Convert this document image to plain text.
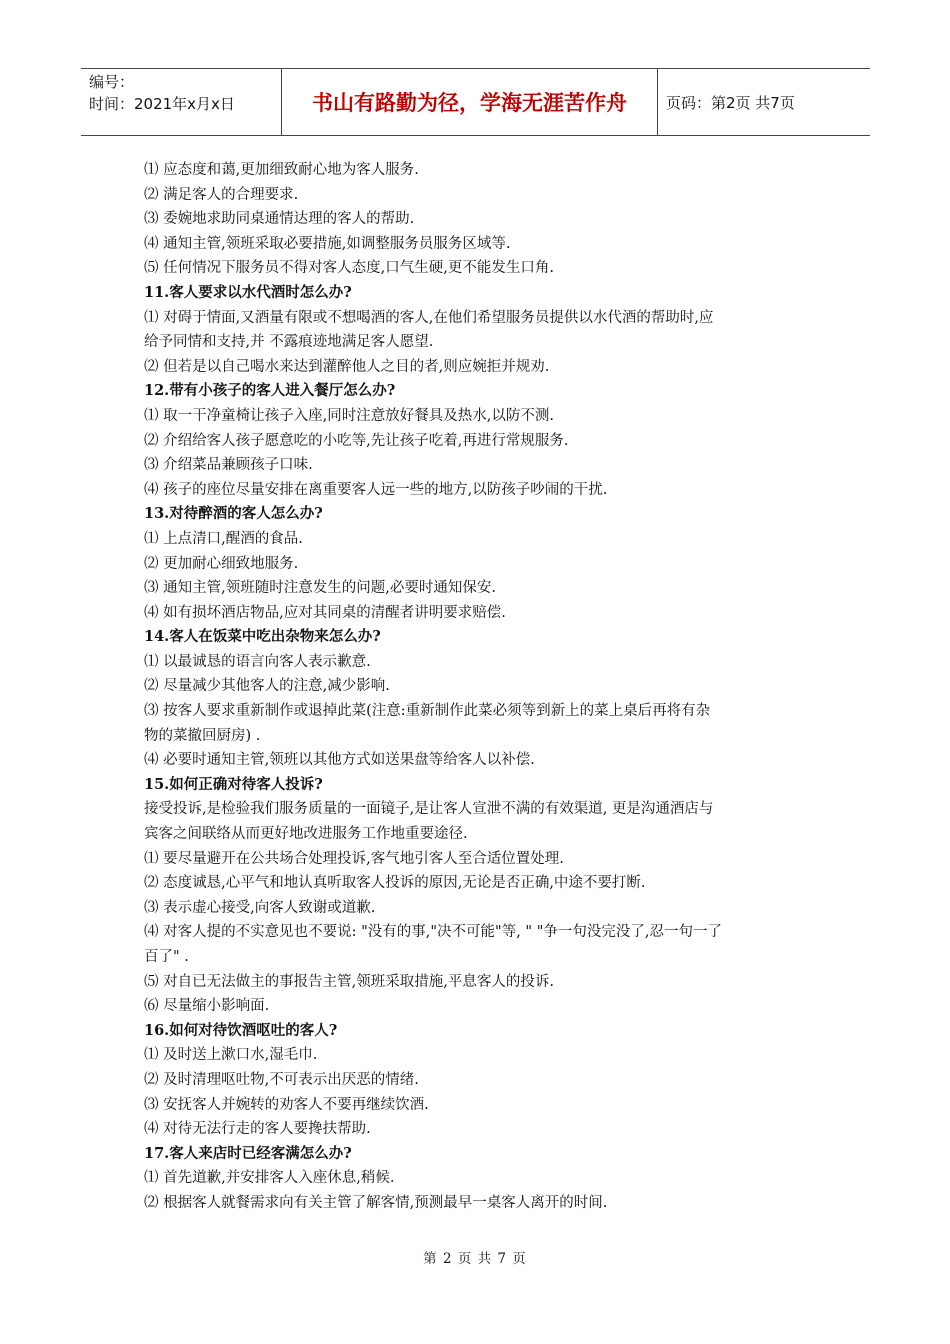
编号：
时间：2021年x月x日	书山有路勤为径，学海无涯苦作舟	页码：第2页 共7页
⑴ 应态度和蔼,更加细致耐心地为客人服务.
⑵ 满足客人的合理要求.
⑶ 委婉地求助同桌通情达理的客人的帮助.
⑷ 通知主管,领班采取必要措施,如调整服务员服务区域等.
⑸ 任何情况下服务员不得对客人态度,口气生硬,更不能发生口角.
11.客人要求以水代酒时怎么办?
⑴ 对碍于情面,又酒量有限或不想喝酒的客人,在他们希望服务员提供以水代酒的帮助时,应
给予同情和支持,并 不露痕迹地满足客人愿望.
⑵ 但若是以自己喝水来达到灌醉他人之目的者,则应婉拒并规劝.
12.带有小孩子的客人进入餐厅怎么办?
⑴ 取一干净童椅让孩子入座,同时注意放好餐具及热水,以防不测.
⑵ 介绍给客人孩子愿意吃的小吃等,先让孩子吃着,再进行常规服务.
⑶ 介绍菜品兼顾孩子口味.
⑷ 孩子的座位尽量安排在离重要客人远一些的地方,以防孩子吵闹的干扰.
13.对待醉酒的客人怎么办?
⑴ 上点清口,醒酒的食品.
⑵ 更加耐心细致地服务.
⑶ 通知主管,领班随时注意发生的问题,必要时通知保安.
⑷ 如有损坏酒店物品,应对其同桌的清醒者讲明要求赔偿.
14.客人在饭菜中吃出杂物来怎么办?
⑴ 以最诚恳的语言向客人表示歉意.
⑵ 尽量减少其他客人的注意,减少影响.
⑶ 按客人要求重新制作或退掉此菜(注意:重新制作此菜必须等到新上的菜上桌后再将有杂
物的菜撤回厨房) .
⑷ 必要时通知主管,领班以其他方式如送果盘等给客人以补偿.
15.如何正确对待客人投诉?
接受投诉,是检验我们服务质量的一面镜子,是让客人宣泄不满的有效渠道, 更是沟通酒店与
宾客之间联络从而更好地改进服务工作地重要途径.
⑴ 要尽量避开在公共场合处理投诉,客气地引客人至合适位置处理.
⑵ 态度诚恳,心平气和地认真听取客人投诉的原因,无论是否正确,中途不要打断.
⑶ 表示虚心接受,向客人致谢或道歉.
⑷ 对客人提的不实意见也不要说: "没有的事,"决不可能"等, " "争一句没完没了,忍一句一了
百了" .
⑸ 对自已无法做主的事报告主管,领班采取措施,平息客人的投诉.
⑹ 尽量缩小影响面.
16.如何对待饮酒呕吐的客人?
⑴ 及时送上漱口水,湿毛巾.
⑵ 及时清理呕吐物,不可表示出厌恶的情绪.
⑶ 安抚客人并婉转的劝客人不要再继续饮酒.
⑷ 对待无法行走的客人要搀扶帮助.
17.客人来店时已经客满怎么办?
⑴ 首先道歉,并安排客人入座休息,稍候.
⑵ 根据客人就餐需求向有关主管了解客情,预测最早一桌客人离开的时间.
第 2 页 共 7 页
